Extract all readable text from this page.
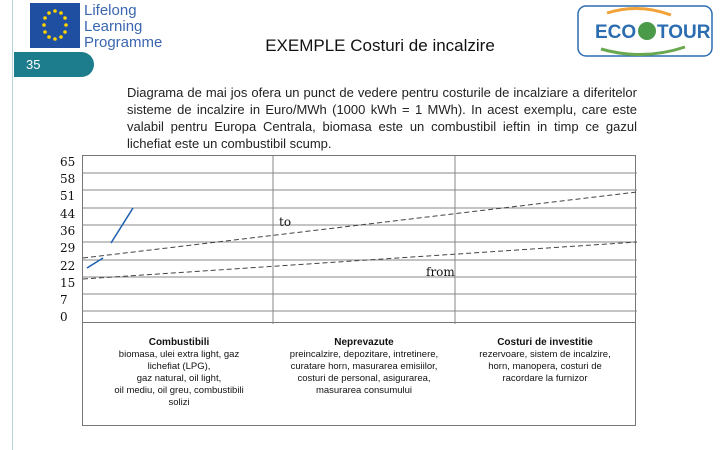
Lifelong
Learning
Programme
35
EXEMPLE Costuri de incalzire
ECO TOUR
Diagrama de mai jos ofera un punct de vedere pentru costurile de incalziare a diferitelor sisteme de incalzire in Euro/MWh (1000 kWh = 1 MWh). In acest exemplu, care este valabil pentru Europa Centrala, biomasa este un combustibil ieftin in timp ce gazul lichefiat este un combustibil scump.
65
58
51
44
36
29
22
15
7
0
to
from
Combustibili
biomasa, ulei extra light, gaz
lichefiat (LPG),
gaz natural, oil light,
oil mediu, oil greu, combustibili
solizi
Neprevazute
preincalzire, depozitare, intretinere,
curatare horn, masurarea emisiilor,
costuri de personal, asigurarea,
masurarea consumului
Costuri de investitie
rezervoare, sistem de incalzire,
horn, manopera, costuri de
racordare la furnizor
